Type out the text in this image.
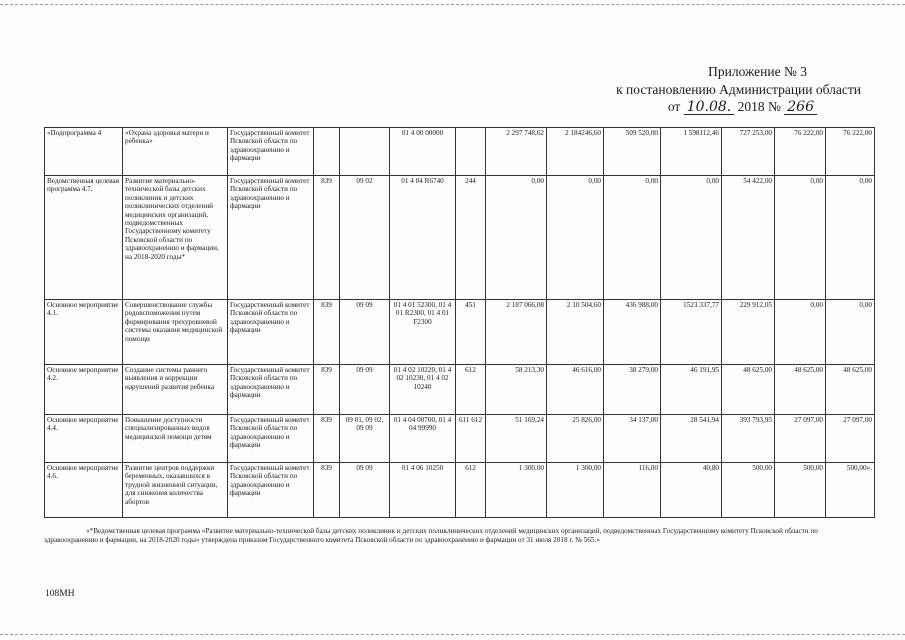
Приложение № 3
к постановлению Администрации области
от 10.08. 2018 № 266
«Подпрограмма 4	«Охрана здоровья матери и ребенка»	Государственный комитет Псковской области по здравоохранению и фармации			01 4 00 00000		2 297 748,62	2 184246,60	509 520,00	1 598112,46	727 253,00	76 222,00	76 222,00
Ведомственная целевая программа 4.7.	Развитие материально-технической базы детских поликлиник и детских поликлинических отделений медицинских организаций, подведомственных Государственному комитету Псковской области по здравоохранению и фармации, на 2018-2020 годы*	Государственный комитет Псковской области по здравоохранению и фармации	839	09 02	01 4 04 R6740	244	0,00	0,00	0,00	0,00	54 422,00	0,00	0,00
Основное мероприятие 4.1.	Совершенствование службы родовспоможения путем формирования трехуровневой системы оказания медицинской помощи	Государственный комитет Псковской области по здравоохранению и фармации	839	09 09	01 4 01 52300, 01 4 01 R2300, 01 4 01 F2300	451	2 187 066,08	2 10 504,60	436 988,00	1523 337,77	229 912,05	0,00	0,00
Основное мероприятие 4.2.	Создание системы раннего выявления и коррекции нарушений развития ребенка	Государственный комитет Псковской области по здравоохранению и фармации	839	09 09	01 4 02 10220, 01 4 02 10230, 01 4 02 10240	612	58 213,30	46 616,00	38 279,00	46 191,95	48 625,00	48 625,00	48 625,00
Основное мероприятие 4.4.	Повышение доступности специализированных видов медицинской помощи детям	Государственный комитет Псковской области по здравоохранению и фармации	839	09 01, 09 02, 09 09	01 4 04 00700, 01 4 04 99990	611 612	51 169,24	25 826,00	34 137,00	28 541,94	393 793,95	27 097,00	27 097,00
Основное мероприятие 4.6.	Развитие центров поддержки беременных, оказавшихся в трудной жизненной ситуации, для снижения количества абортов	Государственный комитет Псковской области по здравоохранению и фармации	839	09 09	01 4 06 10250	612	1 300,00	1 300,00	116,00	40,80	500,00	500,00	500,00».
«*Ведомственная целевая программа «Развитие материально-технической базы детских поликлиник и детских поликлинических отделений медицинских организаций, подведомственных Государственному комитету Псковской области по здравоохранению и фармации, на 2018-2020 годы» утверждена приказом Государственного комитета Псковской области по здравоохранению и фармации от 31 июля 2018 г. № 565.»
108МН
